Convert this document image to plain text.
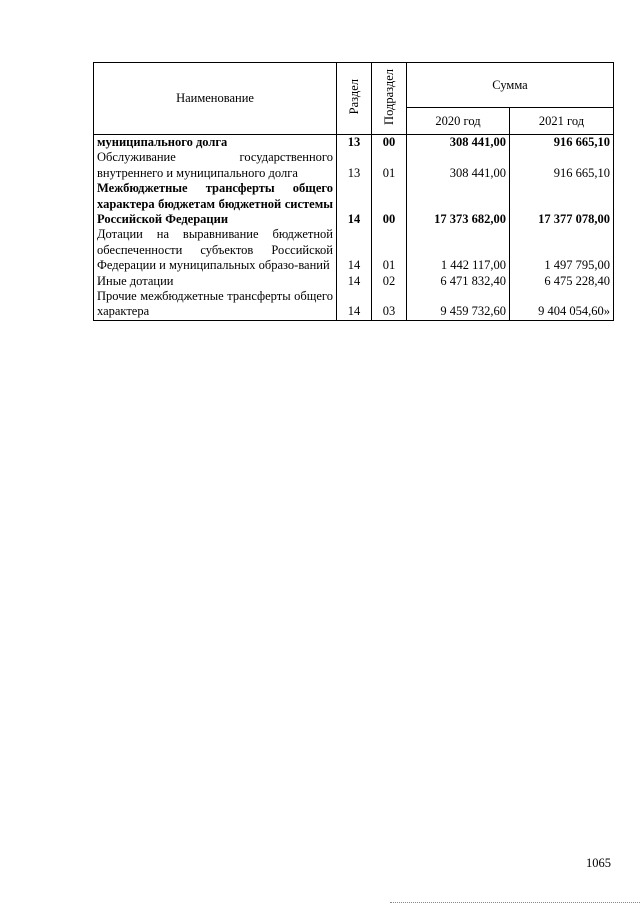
Наименование	Раздел	Подраздел	Сумма	
			2020 год	2021 год
муниципального долга	13	00	308 441,00	916 665,10
Обслуживание государственного внутреннего и муниципального долга	13	01	308 441,00	916 665,10
Межбюджетные трансферты общего характера бюджетам бюджетной системы Российской Федерации	14	00	17 373 682,00	17 377 078,00
Дотации на выравнивание бюджетной обеспеченности субъектов Российской Федерации и муниципальных образо-ваний	14	01	1 442 117,00	1 497 795,00
Иные дотации	14	02	6 471 832,40	6 475 228,40
Прочие межбюджетные трансферты общего характера	14	03	9 459 732,60	9 404 054,60»
1065
